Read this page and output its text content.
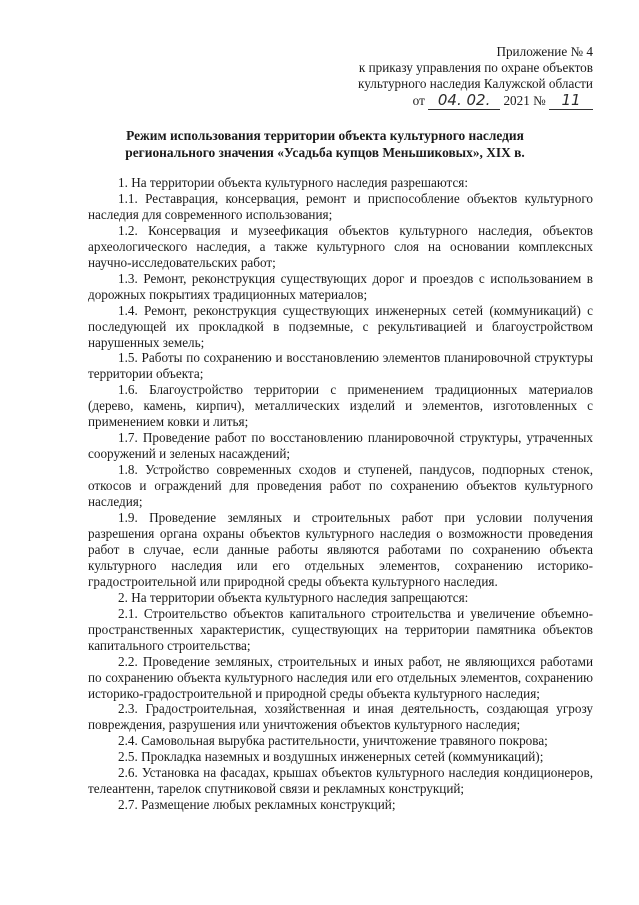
Приложение № 4
к приказу управления по охране объектов
культурного наследия Калужской области
от 04. 02. 2021 № 11
Режим использования территории объекта культурного наследия
регионального значения «Усадьба купцов Меньшиковых», XIX в.

1. На территории объекта культурного наследия разрешаются:

1.1. Реставрация, консервация, ремонт и приспособление объектов культурного наследия для современного использования;

1.2. Консервация и музеефикация объектов культурного наследия, объектов археологического наследия, а также культурного слоя на основании комплексных научно-исследовательских работ;

1.3. Ремонт, реконструкция существующих дорог и проездов с использованием в дорожных покрытиях традиционных материалов;

1.4. Ремонт, реконструкция существующих инженерных сетей (коммуникаций) с последующей их прокладкой в подземные, с рекультивацией и благоустройством нарушенных земель;

1.5. Работы по сохранению и восстановлению элементов планировочной структуры территории объекта;

1.6. Благоустройство территории с применением традиционных материалов (дерево, камень, кирпич), металлических изделий и элементов, изготовленных с применением ковки и литья;

1.7. Проведение работ по восстановлению планировочной структуры, утраченных сооружений и зеленых насаждений;

1.8. Устройство современных сходов и ступеней, пандусов, подпорных стенок, откосов и ограждений для проведения работ по сохранению объектов культурного наследия;

1.9. Проведение земляных и строительных работ при условии получения разрешения органа охраны объектов культурного наследия о возможности проведения работ в случае, если данные работы являются работами по сохранению объекта культурного наследия или его отдельных элементов, сохранению историко-градостроительной или природной среды объекта культурного наследия.

2. На территории объекта культурного наследия запрещаются:

2.1. Строительство объектов капитального строительства и увеличение объемно-пространственных характеристик, существующих на территории памятника объектов капитального строительства;

2.2. Проведение земляных, строительных и иных работ, не являющихся работами по сохранению объекта культурного наследия или его отдельных элементов, сохранению историко-градостроительной и природной среды объекта культурного наследия;

2.3. Градостроительная, хозяйственная и иная деятельность, создающая угрозу повреждения, разрушения или уничтожения объектов культурного наследия;

2.4. Самовольная вырубка растительности, уничтожение травяного покрова;

2.5. Прокладка наземных и воздушных инженерных сетей (коммуникаций);

2.6. Установка на фасадах, крышах объектов культурного наследия кондиционеров, телеантенн, тарелок спутниковой связи и рекламных конструкций;

2.7. Размещение любых рекламных конструкций;
